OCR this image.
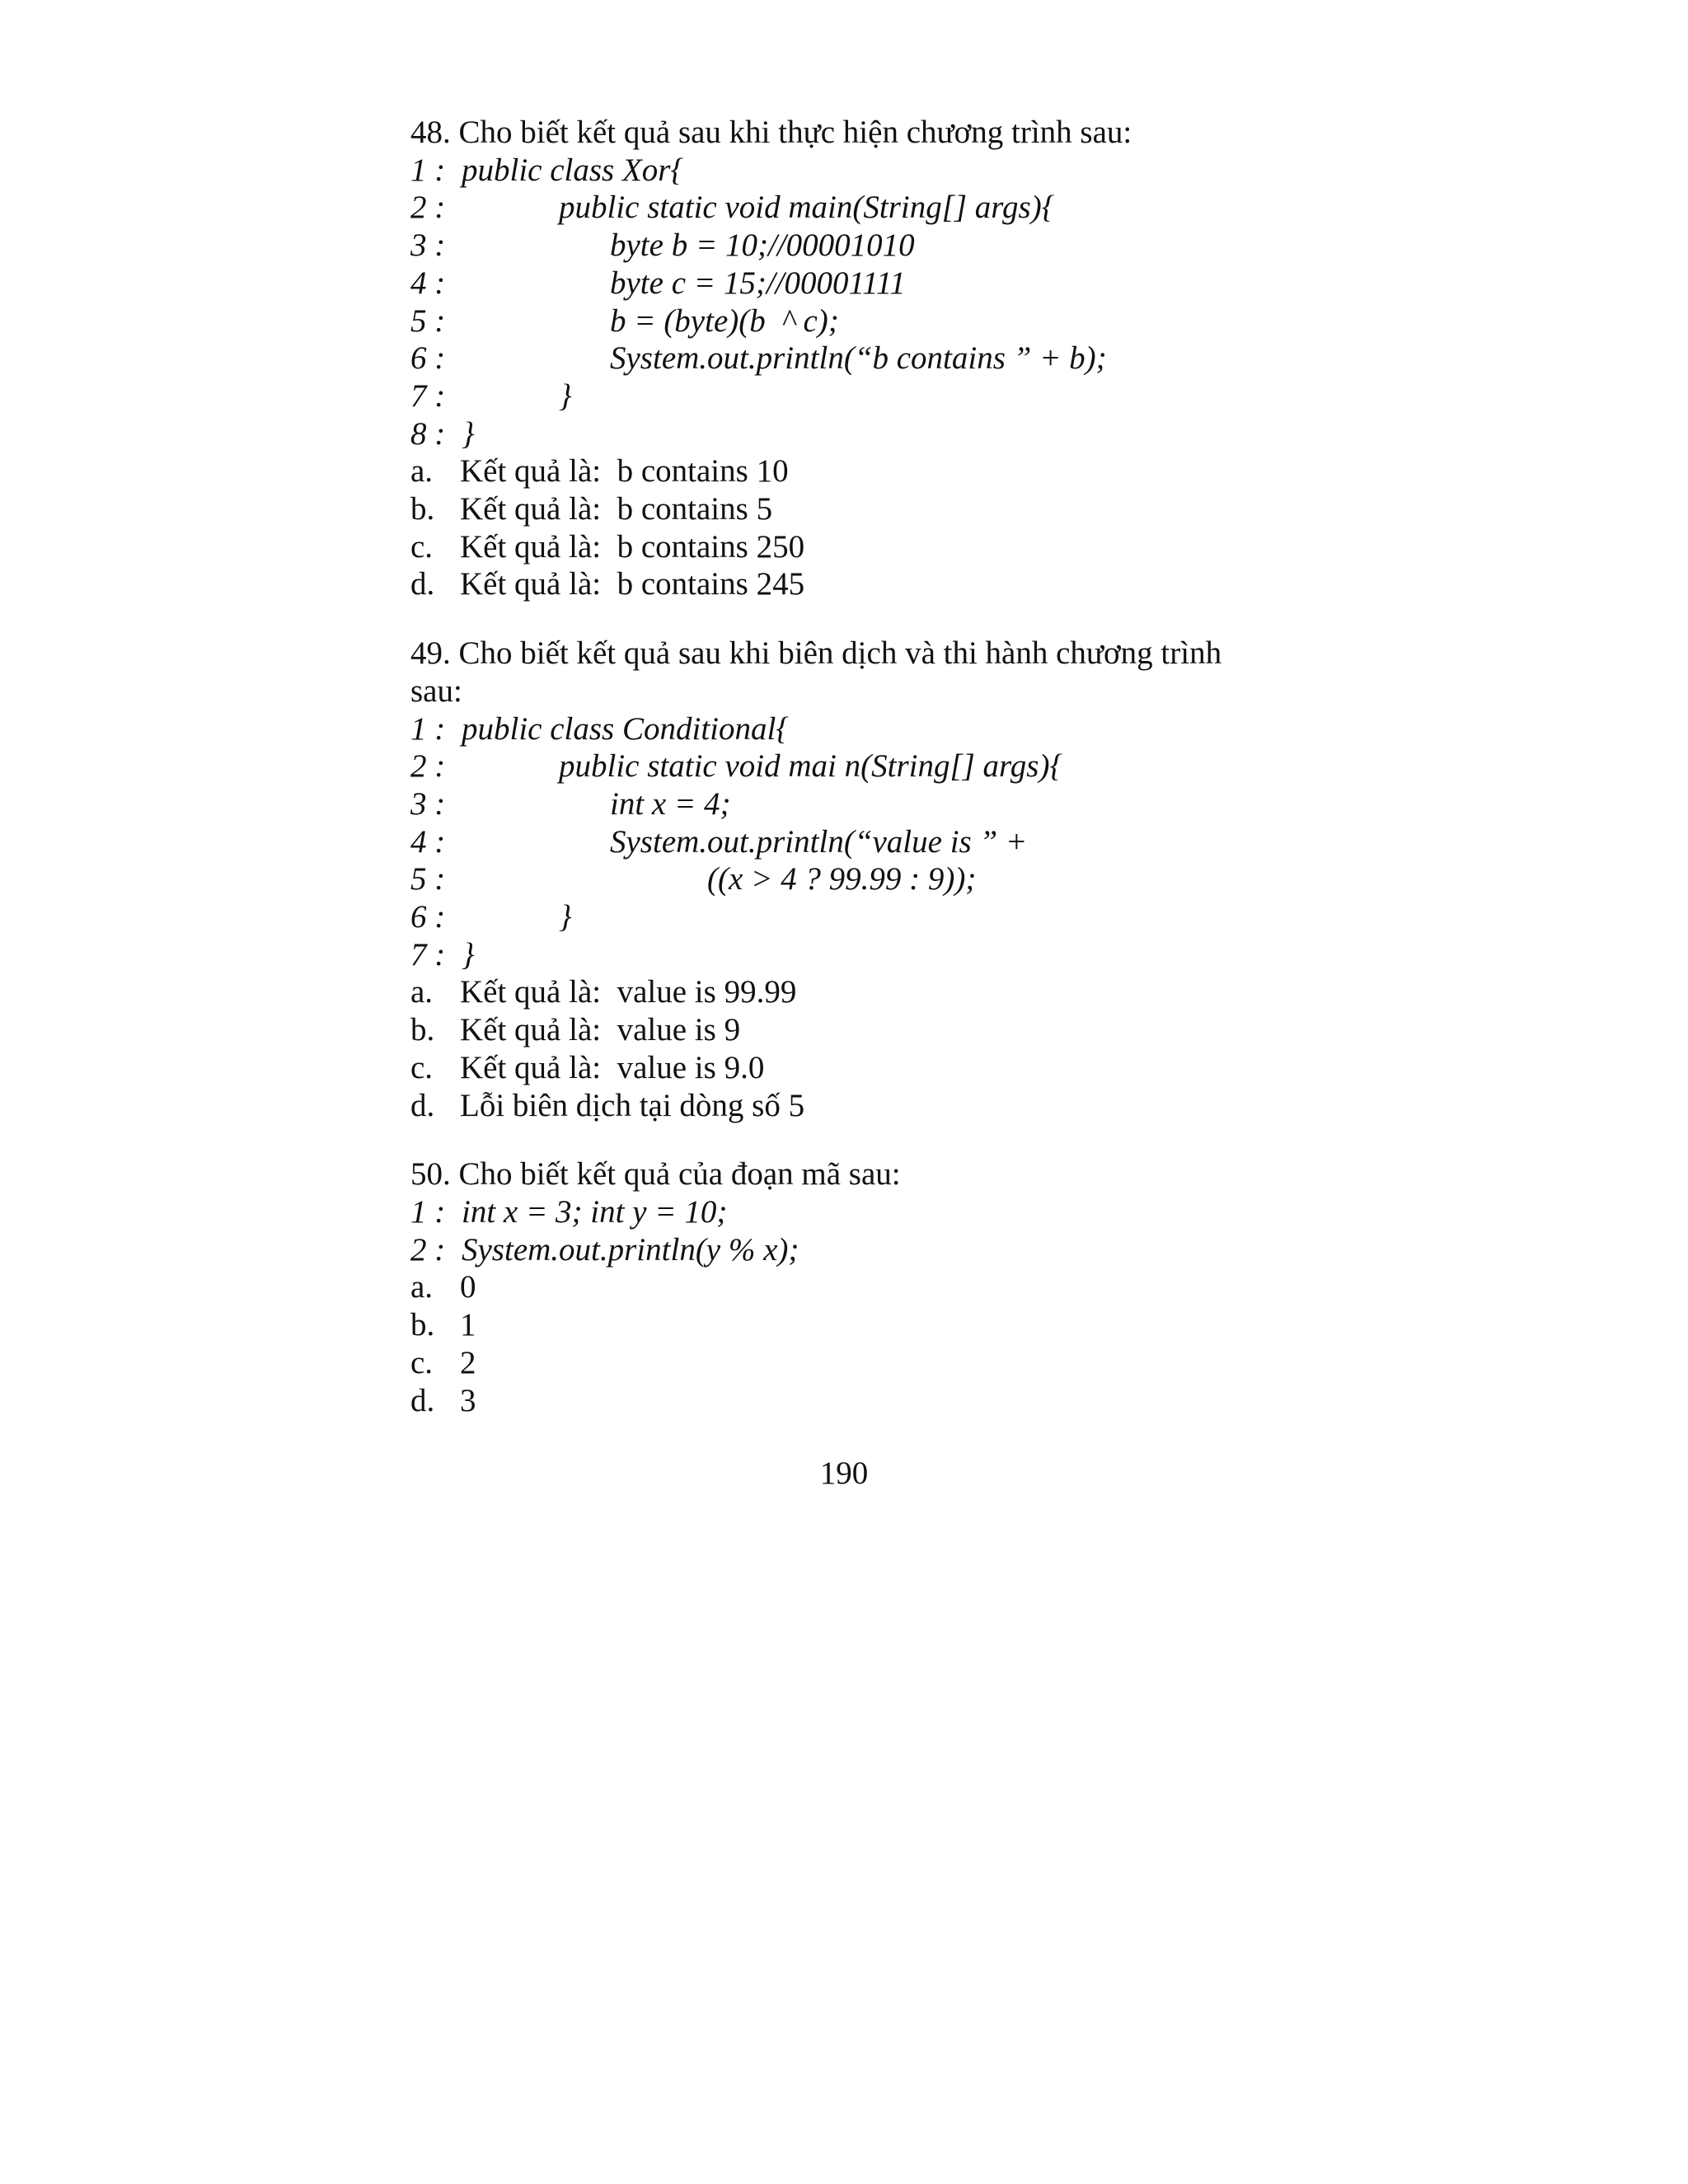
48. Cho biết kết quả sau khi thực hiện chương trình sau:
1 : public class Xor{
2 :	public static void main(String[] args){
3 :	byte b = 10;//00001010
4 :	byte c = 15;//00001111
5 :	b = (byte)(b  ^ c);
6 :	System.out.println(“b contains ” + b);
7 :	}
8 : }
a. Kết quả là:  b contains 10
b. Kết quả là:  b contains 5
c. Kết quả là:  b contains 250
d. Kết quả là:  b contains 245
49. Cho biết kết quả sau khi biên dịch và thi hành chương trình sau:
1 : public class Conditional{
2 :	public static void mai n(String[] args){
3 :	int x = 4;
4 :	System.out.println(“value is ” +
5 :	((x > 4 ? 99.99 : 9));
6 :	}
7 : }
a. Kết quả là:  value is 99.99
b. Kết quả là:  value is 9
c. Kết quả là:  value is 9.0
d. Lỗi biên dịch tại dòng số 5
50. Cho biết kết quả của đoạn mã sau:
1 : int x = 3; int y = 10;
2 : System.out.println(y % x);
a. 0
b. 1
c. 2
d. 3
190
